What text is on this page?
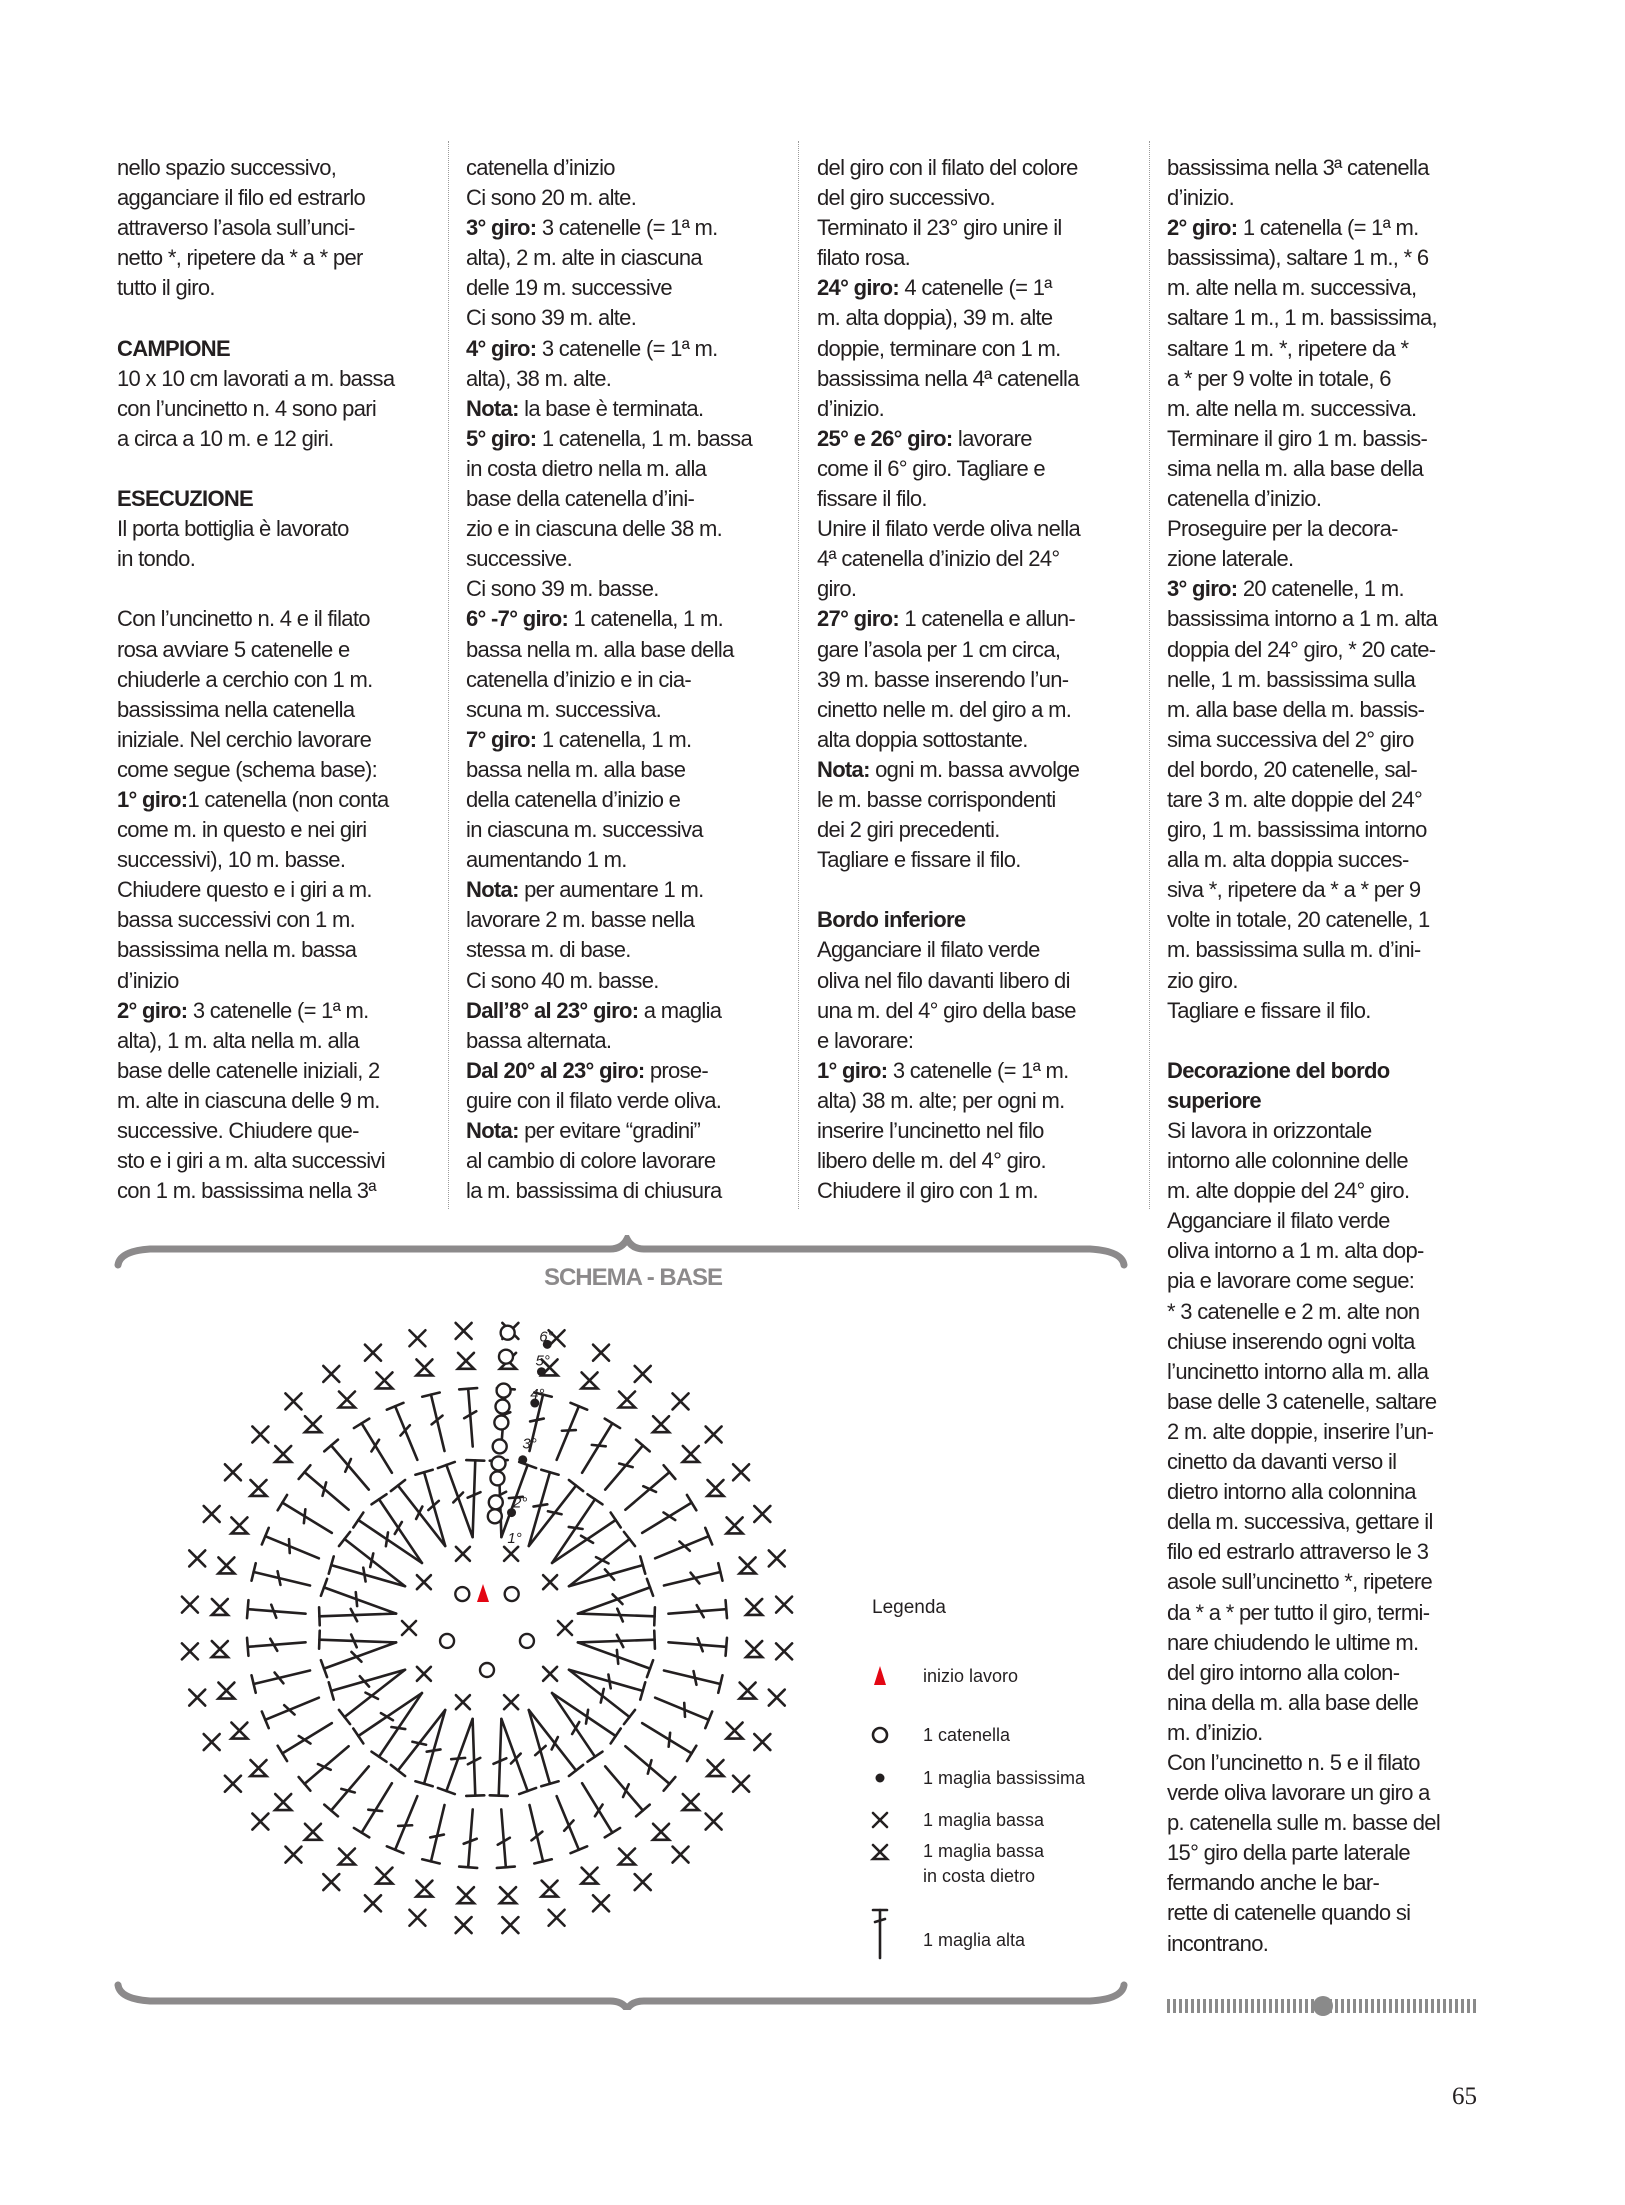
nello spazio successivo,
agganciare il filo ed estrarlo
attraverso l’asola sull’unci-
netto *, ripetere da * a * per
tutto il giro.
CAMPIONE
10 x 10 cm lavorati a m. bassa
con l’uncinetto n. 4 sono pari
a circa a 10 m. e 12 giri.
ESECUZIONE
Il porta bottiglia è lavorato
in tondo.
Con l’uncinetto n. 4 e il filato
rosa avviare 5 catenelle e
chiuderle a cerchio con 1 m.
bassissima nella catenella
iniziale. Nel cerchio lavorare
come segue (schema base):
1° giro:1 catenella (non conta
come m. in questo e nei giri
successivi), 10 m. basse.
Chiudere questo e i giri a m.
bassa successivi con 1 m.
bassissima nella m. bassa
d’inizio
2° giro: 3 catenelle (= 1ª m.
alta), 1 m. alta nella m. alla
base delle catenelle iniziali, 2
m. alte in ciascuna delle 9 m.
successive. Chiudere que-
sto e i giri a m. alta successivi
con 1 m. bassissima nella 3ª
catenella d’inizio
Ci sono 20 m. alte.
3° giro: 3 catenelle (= 1ª m.
alta), 2 m. alte in ciascuna
delle 19 m. successive
Ci sono 39 m. alte.
4° giro: 3 catenelle (= 1ª m.
alta), 38 m. alte.
Nota: la base è terminata.
5° giro: 1 catenella, 1 m. bassa
in costa dietro nella m. alla
base della catenella d’ini-
zio e in ciascuna delle 38 m.
successive.
Ci sono 39 m. basse.
6° -7° giro: 1 catenella, 1 m.
bassa nella m. alla base della
catenella d’inizio e in cia-
scuna m. successiva.
7° giro: 1 catenella, 1 m.
bassa nella m. alla base
della catenella d’inizio e
in ciascuna m. successiva
aumentando 1 m.
Nota: per aumentare 1 m.
lavorare 2 m. basse nella
stessa m. di base.
Ci sono 40 m. basse.
Dall’8° al 23° giro: a maglia
bassa alternata.
Dal 20° al 23° giro: prose-
guire con il filato verde oliva.
Nota: per evitare “gradini”
al cambio di colore lavorare
la m. bassissima di chiusura
del giro con il filato del colore
del giro successivo.
Terminato il 23° giro unire il
filato rosa.
24° giro: 4 catenelle (= 1ª
m. alta doppia), 39 m. alte
doppie, terminare con 1 m.
bassissima nella 4ª catenella
d’inizio.
25° e 26° giro: lavorare
come il 6° giro. Tagliare e
fissare il filo.
Unire il filato verde oliva nella
4ª catenella d’inizio del 24°
giro.
27° giro: 1 catenella e allun-
gare l’asola per 1 cm circa,
39 m. basse inserendo l’un-
cinetto nelle m. del giro a m.
alta doppia sottostante.
Nota: ogni m. bassa avvolge
le m. basse corrispondenti
dei 2 giri precedenti.
Tagliare e fissare il filo.
Bordo inferiore
Agganciare il filato verde
oliva nel filo davanti libero di
una m. del 4° giro della base
e lavorare:
1° giro: 3 catenelle (= 1ª m.
alta) 38 m. alte; per ogni m.
inserire l’uncinetto nel filo
libero delle m. del 4° giro.
Chiudere il giro con 1 m.
bassissima nella 3ª catenella
d’inizio.
2° giro: 1 catenella (= 1ª m.
bassissima), saltare 1 m., * 6
m. alte nella m. successiva,
saltare 1 m., 1 m. bassissima,
saltare 1 m. *, ripetere da *
a * per 9 volte in totale, 6
m. alte nella m. successiva.
Terminare il giro 1 m. bassis-
sima nella m. alla base della
catenella d’inizio.
Proseguire per la decora-
zione laterale.
3° giro: 20 catenelle, 1 m.
bassissima intorno a 1 m. alta
doppia del 24° giro, * 20 cate-
nelle, 1 m. bassissima sulla
m. alla base della m. bassis-
sima successiva del 2° giro
del bordo, 20 catenelle, sal-
tare 3 m. alte doppie del 24°
giro, 1 m. bassissima intorno
alla m. alta doppia succes-
siva *, ripetere da * a * per 9
volte in totale, 20 catenelle, 1
m. bassissima sulla m. d’ini-
zio giro.
Tagliare e fissare il filo.
Decorazione del bordo
superiore
Si lavora in orizzontale
intorno alle colonnine delle
m. alte doppie del 24° giro.
Agganciare il filato verde
oliva intorno a 1 m. alta dop-
pia e lavorare come segue:
* 3 catenelle e 2 m. alte non
chiuse inserendo ogni volta
l’uncinetto intorno alla m. alla
base delle 3 catenelle, saltare
2 m. alte doppie, inserire l’un-
cinetto da davanti verso il
dietro intorno alla colonnina
della m. successiva, gettare il
filo ed estrarlo attraverso le 3
asole sull’uncinetto *, ripetere
da * a * per tutto il giro, termi-
nare chiudendo le ultime m.
del giro intorno alla colon-
nina della m. alla base delle
m. d’inizio.
Con l’uncinetto n. 5 e il filato
verde oliva lavorare un giro a
p. catenella sulle m. basse del
15° giro della parte laterale
fermando anche le bar-
rette di catenelle quando si
incontrano.
SCHEMA - BASE
1°
2°
3°
4°
5°
6°
Legenda
inizio lavoro
1 catenella
1 maglia bassissima
1 maglia bassa
1 maglia bassa
in costa dietro
1 maglia alta
65
